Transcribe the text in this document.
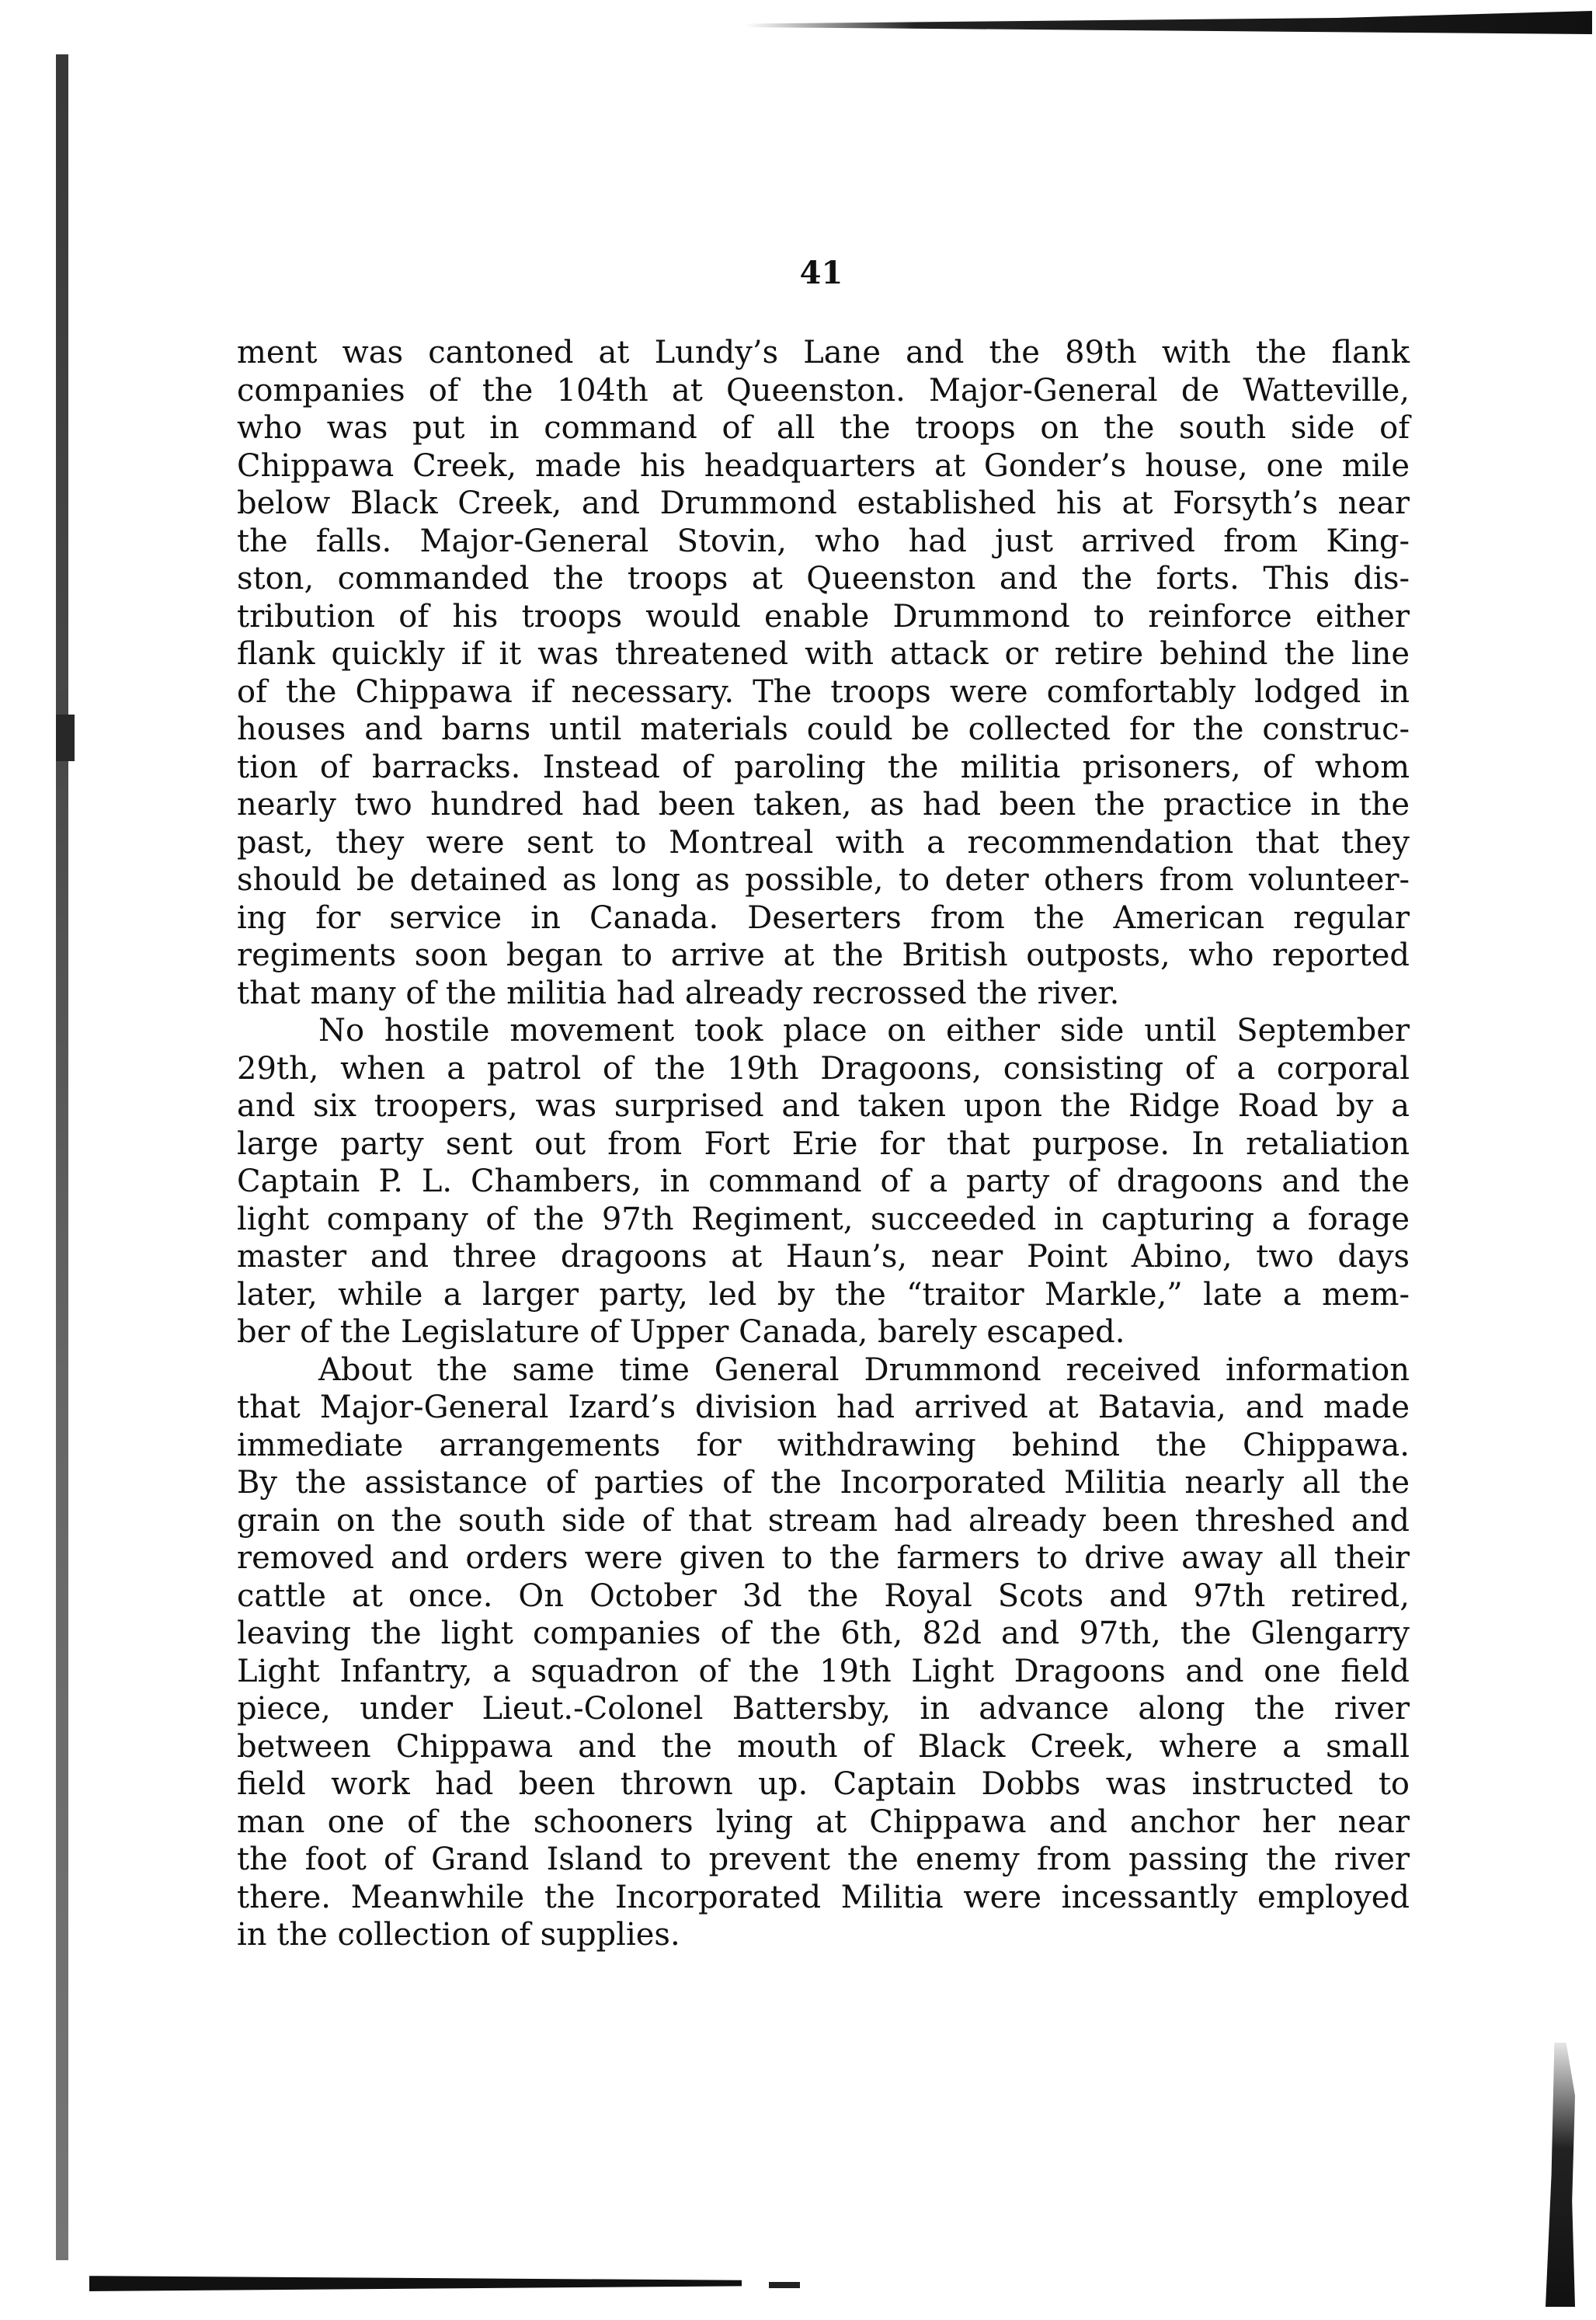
41
ment was cantoned at Lundy’s Lane and the 89th with the flank
companies of the 104th at Queenston. Major-General de Watteville,
who was put in command of all the troops on the south side of
Chippawa Creek, made his headquarters at Gonder’s house, one mile
below Black Creek, and Drummond established his at Forsyth’s near
the falls. Major-General Stovin, who had just arrived from King-
ston, commanded the troops at Queenston and the forts. This dis-
tribution of his troops would enable Drummond to reinforce either
flank quickly if it was threatened with attack or retire behind the line
of the Chippawa if necessary. The troops were comfortably lodged in
houses and barns until materials could be collected for the construc-
tion of barracks. Instead of paroling the militia prisoners, of whom
nearly two hundred had been taken, as had been the practice in the
past, they were sent to Montreal with a recommendation that they
should be detained as long as possible, to deter others from volunteer-
ing for service in Canada. Deserters from the American regular
regiments soon began to arrive at the British outposts, who reported
that many of the militia had already recrossed the river.
No hostile movement took place on either side until September
29th, when a patrol of the 19th Dragoons, consisting of a corporal
and six troopers, was surprised and taken upon the Ridge Road by a
large party sent out from Fort Erie for that purpose. In retaliation
Captain P. L. Chambers, in command of a party of dragoons and the
light company of the 97th Regiment, succeeded in capturing a forage
master and three dragoons at Haun’s, near Point Abino, two days
later, while a larger party, led by the “traitor Markle,” late a mem-
ber of the Legislature of Upper Canada, barely escaped.
About the same time General Drummond received information
that Major-General Izard’s division had arrived at Batavia, and made
immediate arrangements for withdrawing behind the Chippawa.
By the assistance of parties of the Incorporated Militia nearly all the
grain on the south side of that stream had already been threshed and
removed and orders were given to the farmers to drive away all their
cattle at once. On October 3d the Royal Scots and 97th retired,
leaving the light companies of the 6th, 82d and 97th, the Glengarry
Light Infantry, a squadron of the 19th Light Dragoons and one field
piece, under Lieut.-Colonel Battersby, in advance along the river
between Chippawa and the mouth of Black Creek, where a small
field work had been thrown up. Captain Dobbs was instructed to
man one of the schooners lying at Chippawa and anchor her near
the foot of Grand Island to prevent the enemy from passing the river
there. Meanwhile the Incorporated Militia were incessantly employed
in the collection of supplies.
